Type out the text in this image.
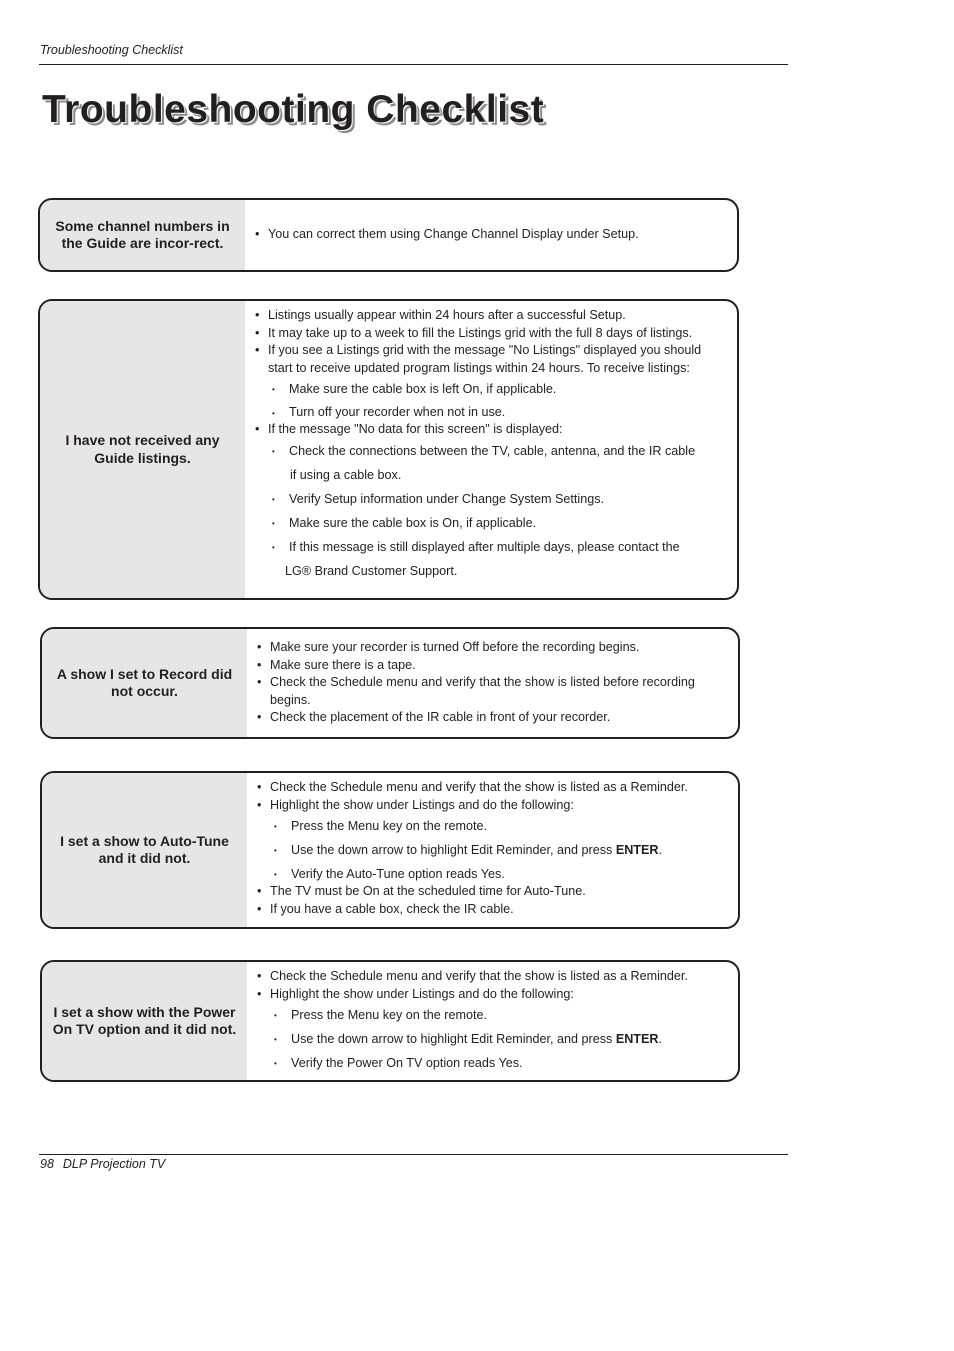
Troubleshooting Checklist
Troubleshooting Checklist
Some channel numbers in the Guide are incor-rect.
• You can correct them using Change Channel Display under Setup.
I have not received any Guide listings.
• Listings usually appear within 24 hours after a successful Setup.
• It may take up to a week to fill the Listings grid with the full 8 days of listings.
• If you see a Listings grid with the message "No Listings" displayed you should start to receive updated program listings within 24 hours. To receive listings:
• Make sure the cable box is left On, if applicable.
• Turn off your recorder when not in use.
• If the message "No data for this screen" is displayed:
• Check the connections between the TV, cable, antenna, and the IR cable
if using a cable box.
• Verify Setup information under Change System Settings.
• Make sure the cable box is On, if applicable.
• If this message is still displayed after multiple days, please contact the
LG® Brand Customer Support.
A show I set to Record did not occur.
• Make sure your recorder is turned Off before the recording begins.
• Make sure there is a tape.
• Check the Schedule menu and verify that the show is listed before recording begins.
• Check the placement of the IR cable in front of your recorder.
I set a show to Auto-Tune and it did not.
• Check the Schedule menu and verify that the show is listed as a Reminder.
• Highlight the show under Listings and do the following:
• Press the Menu key on the remote.
• Use the down arrow to highlight Edit Reminder, and press ENTER.
• Verify the Auto-Tune option reads Yes.
• The TV must be On at the scheduled time for Auto-Tune.
• If you have a cable box, check the IR cable.
I set a show with the Power On TV option and it did not.
• Check the Schedule menu and verify that the show is listed as a Reminder.
• Highlight the show under Listings and do the following:
• Press the Menu key on the remote.
• Use the down arrow to highlight Edit Reminder, and press ENTER.
• Verify the Power On TV option reads Yes.
98 DLP Projection TV
